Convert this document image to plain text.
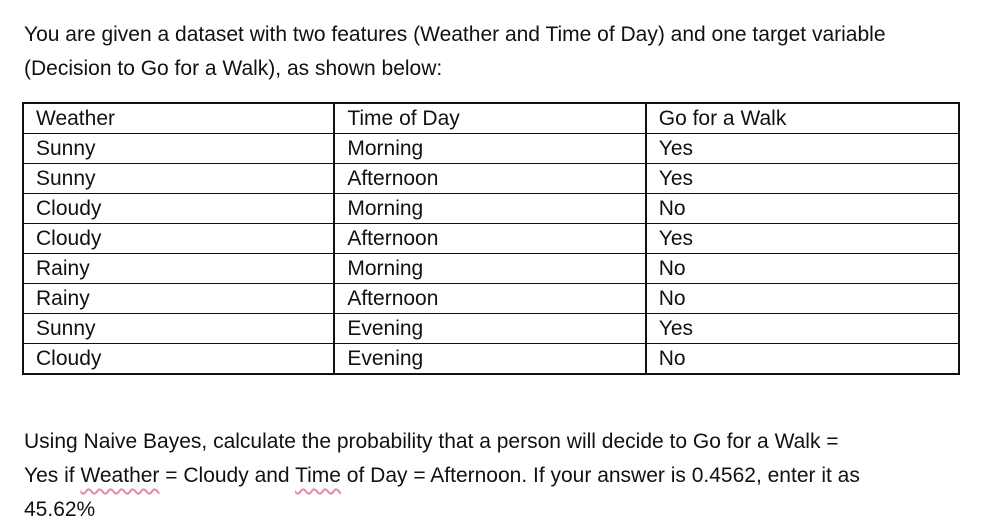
You are given a dataset with two features (Weather and Time of Day) and one target variable
(Decision to Go for a Walk), as shown below:

Weather	Time of Day	Go for a Walk
Sunny	Morning	Yes
Sunny	Afternoon	Yes
Cloudy	Morning	No
Cloudy	Afternoon	Yes
Rainy	Morning	No
Rainy	Afternoon	No
Sunny	Evening	Yes
Cloudy	Evening	No

Using Naive Bayes, calculate the probability that a person will decide to Go for a Walk =
Yes if Weather = Cloudy and Time of Day = Afternoon. If your answer is 0.4562, enter it as
45.62%
